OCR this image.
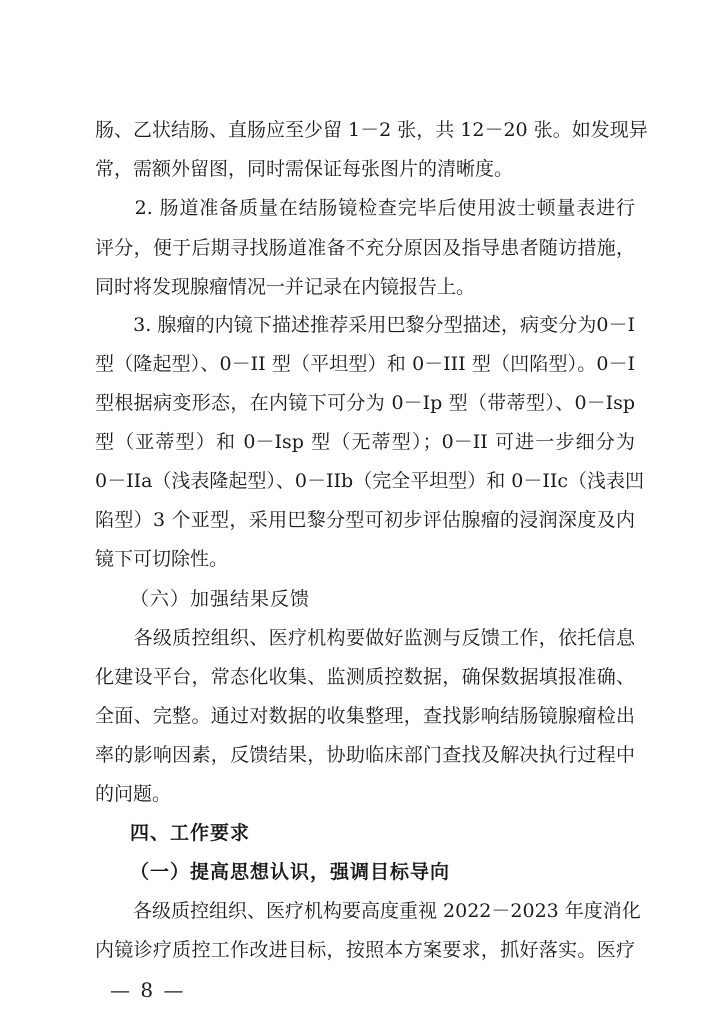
肠、乙状结肠、直肠应至少留 1－2 张，共 12－20 张。如发现异
常，需额外留图，同时需保证每张图片的清晰度。
　　2. 肠道准备质量在结肠镜检查完毕后使用波士顿量表进行
评分，便于后期寻找肠道准备不充分原因及指导患者随访措施，
同时将发现腺瘤情况一并记录在内镜报告上。
　　3. 腺瘤的内镜下描述推荐采用巴黎分型描述，病变分为0－I
型（隆起型）、0－II 型（平坦型）和 0－III 型（凹陷型）。0－I
型根据病变形态，在内镜下可分为 0－Ip 型（带蒂型）、0－Isp
型（亚蒂型）和 0－Isp 型（无蒂型）；0－II 可进一步细分为
0－IIa（浅表隆起型）、0－IIb（完全平坦型）和 0－IIc（浅表凹
陷型）3 个亚型，采用巴黎分型可初步评估腺瘤的浸润深度及内
镜下可切除性。
（六）加强结果反馈
　　各级质控组织、医疗机构要做好监测与反馈工作，依托信息
化建设平台，常态化收集、监测质控数据，确保数据填报准确、
全面、完整。通过对数据的收集整理，查找影响结肠镜腺瘤检出
率的影响因素，反馈结果，协助临床部门查找及解决执行过程中
的问题。
四、工作要求
（一）提高思想认识，强调目标导向
　　各级质控组织、医疗机构要高度重视 2022－2023 年度消化
内镜诊疗质控工作改进目标，按照本方案要求，抓好落实。医疗
— 8 —
